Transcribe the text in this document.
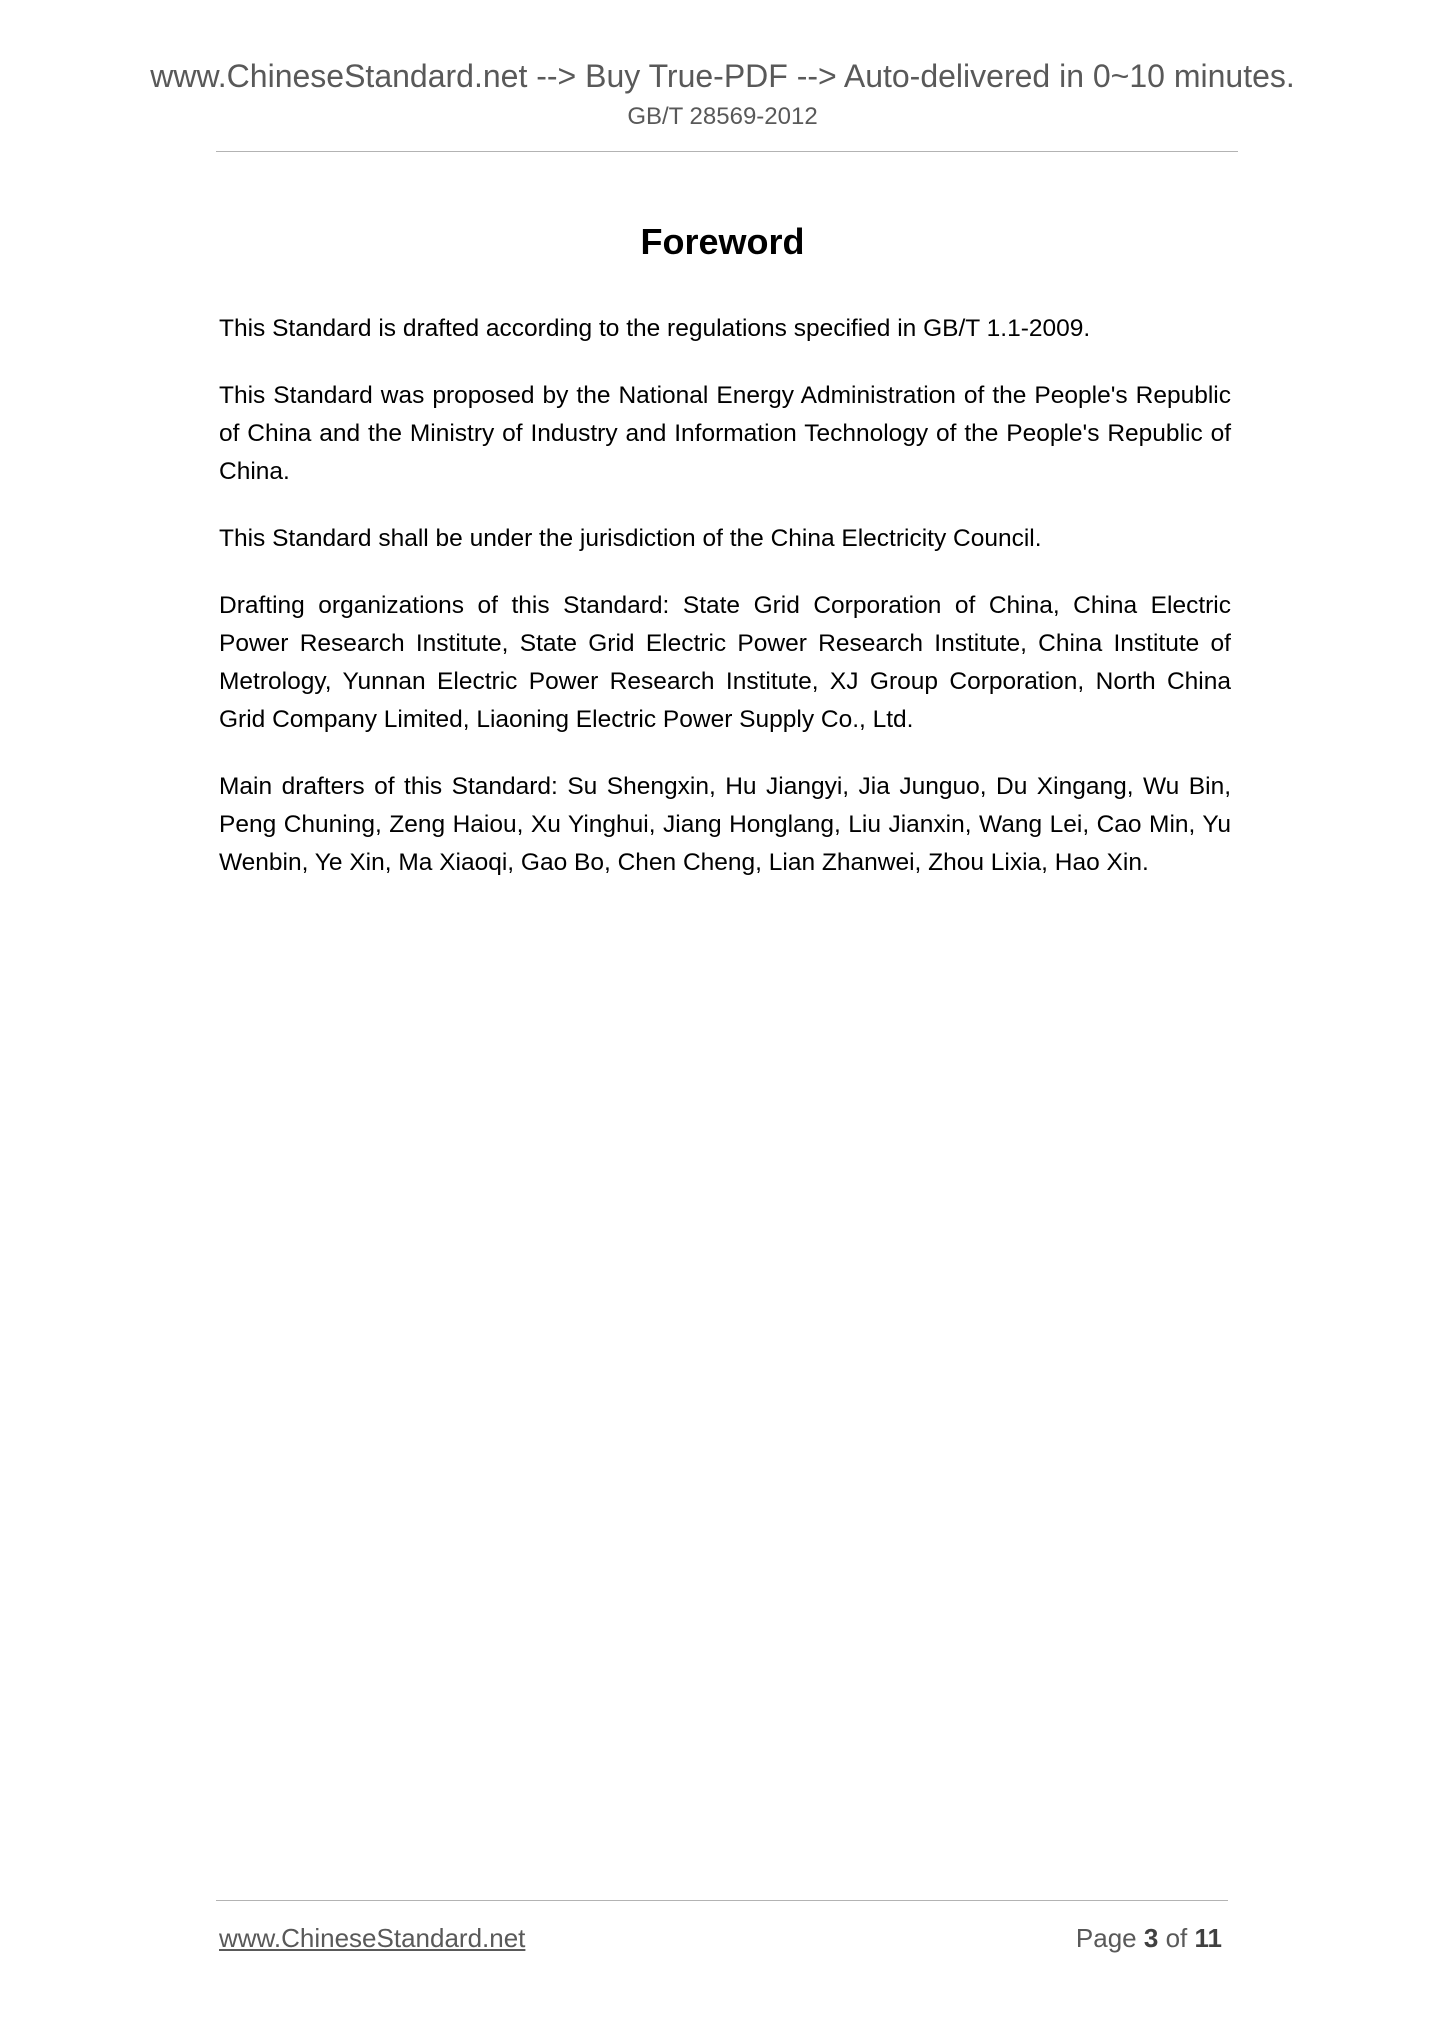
www.ChineseStandard.net --> Buy True-PDF --> Auto-delivered in 0~10 minutes.
GB/T 28569-2012
Foreword

This Standard is drafted according to the regulations specified in GB/T 1.1-2009.

This Standard was proposed by the National Energy Administration of the People's Republic of China and the Ministry of Industry and Information Technology of the People's Republic of China.

This Standard shall be under the jurisdiction of the China Electricity Council.

Drafting organizations of this Standard: State Grid Corporation of China, China Electric Power Research Institute, State Grid Electric Power Research Institute, China Institute of Metrology, Yunnan Electric Power Research Institute, XJ Group Corporation, North China Grid Company Limited, Liaoning Electric Power Supply Co., Ltd.

Main drafters of this Standard: Su Shengxin, Hu Jiangyi, Jia Junguo, Du Xingang, Wu Bin, Peng Chuning, Zeng Haiou, Xu Yinghui, Jiang Honglang, Liu Jianxin, Wang Lei, Cao Min, Yu Wenbin, Ye Xin, Ma Xiaoqi, Gao Bo, Chen Cheng, Lian Zhanwei, Zhou Lixia, Hao Xin.

www.ChineseStandard.net	Page 3 of 11
